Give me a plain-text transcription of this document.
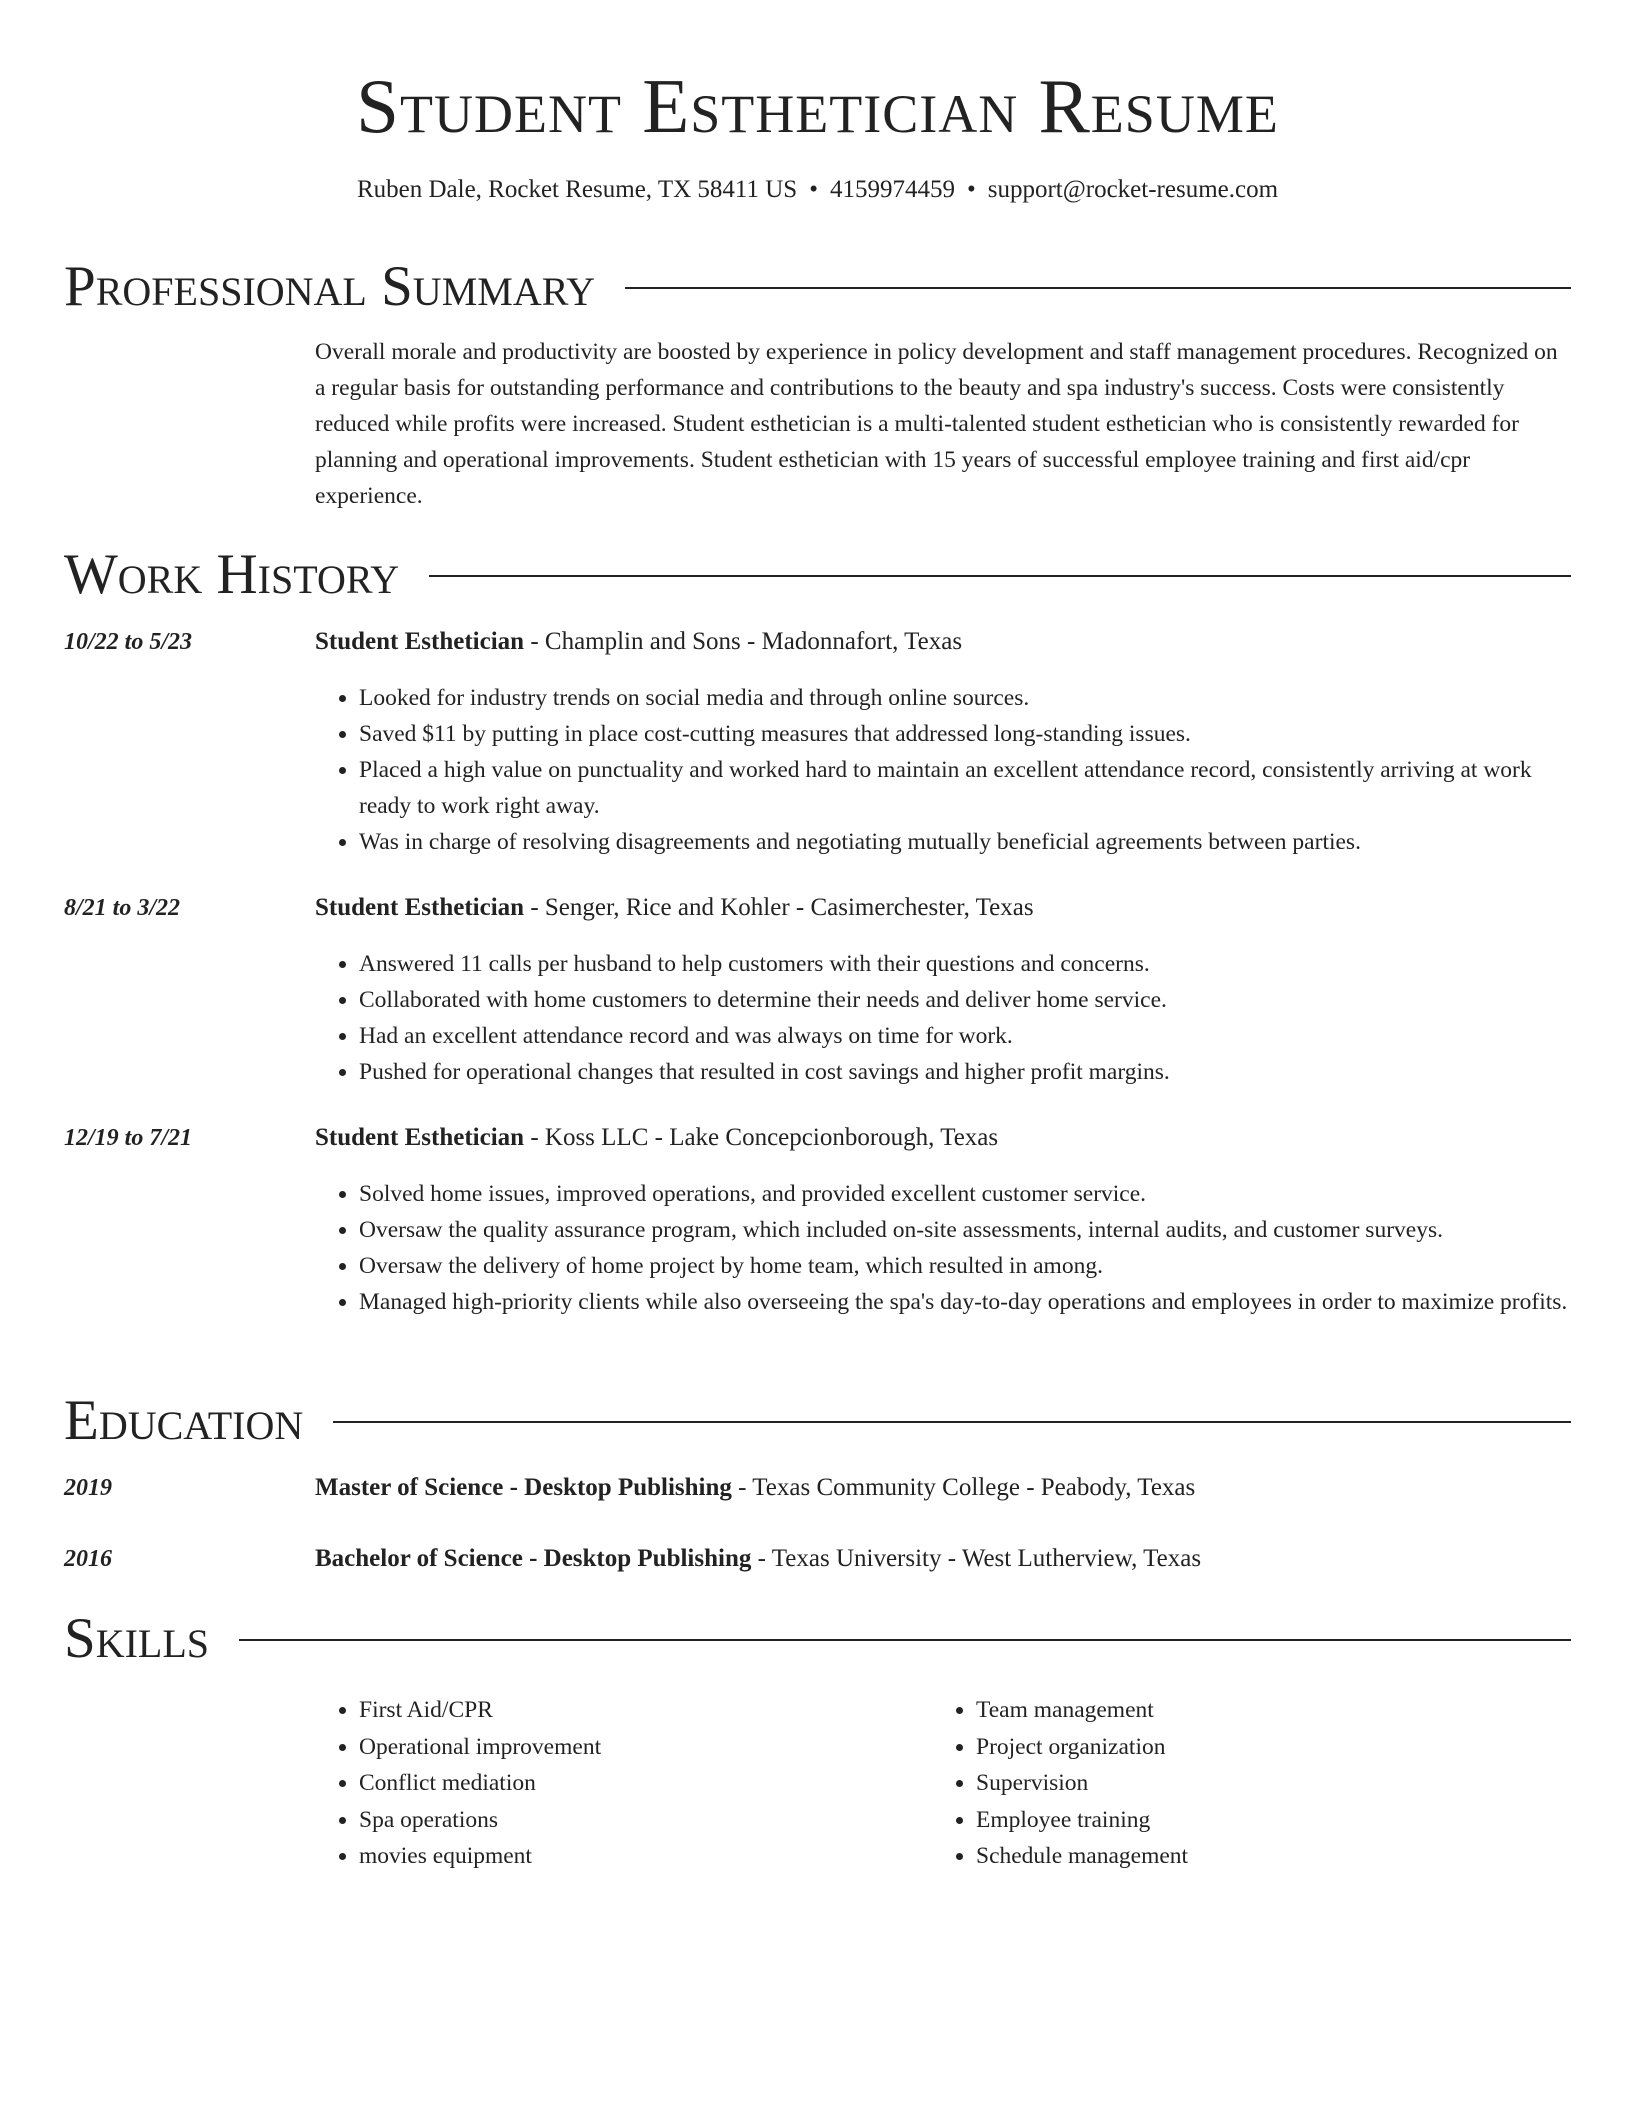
Student Esthetician Resume
Ruben Dale, Rocket Resume, TX 58411 US • 4159974459 • support@rocket-resume.com
Professional Summary

Overall morale and productivity are boosted by experience in policy development and staff management procedures. Recognized on a regular basis for outstanding performance and contributions to the beauty and spa industry's success. Costs were consistently reduced while profits were increased. Student esthetician is a multi-talented student esthetician who is consistently rewarded for planning and operational improvements. Student esthetician with 15 years of successful employee training and first aid/cpr experience.

Work History
10/22 to 5/23	Student Esthetician - Champlin and Sons - Madonnafort, Texas
• Looked for industry trends on social media and through online sources.
• Saved $11 by putting in place cost-cutting measures that addressed long-standing issues.
• Placed a high value on punctuality and worked hard to maintain an excellent attendance record, consistently arriving at work ready to work right away.
• Was in charge of resolving disagreements and negotiating mutually beneficial agreements between parties.
8/21 to 3/22	Student Esthetician - Senger, Rice and Kohler - Casimerchester, Texas
• Answered 11 calls per husband to help customers with their questions and concerns.
• Collaborated with home customers to determine their needs and deliver home service.
• Had an excellent attendance record and was always on time for work.
• Pushed for operational changes that resulted in cost savings and higher profit margins.
12/19 to 7/21	Student Esthetician - Koss LLC - Lake Concepcionborough, Texas
• Solved home issues, improved operations, and provided excellent customer service.
• Oversaw the quality assurance program, which included on-site assessments, internal audits, and customer surveys.
• Oversaw the delivery of home project by home team, which resulted in among.
• Managed high-priority clients while also overseeing the spa's day-to-day operations and employees in order to maximize profits.
Education
2019	Master of Science - Desktop Publishing - Texas Community College - Peabody, Texas
2016	Bachelor of Science - Desktop Publishing - Texas University - West Lutherview, Texas
Skills
• First Aid/CPR
• Operational improvement
• Conflict mediation
• Spa operations
• movies equipment
• Team management
• Project organization
• Supervision
• Employee training
• Schedule management
